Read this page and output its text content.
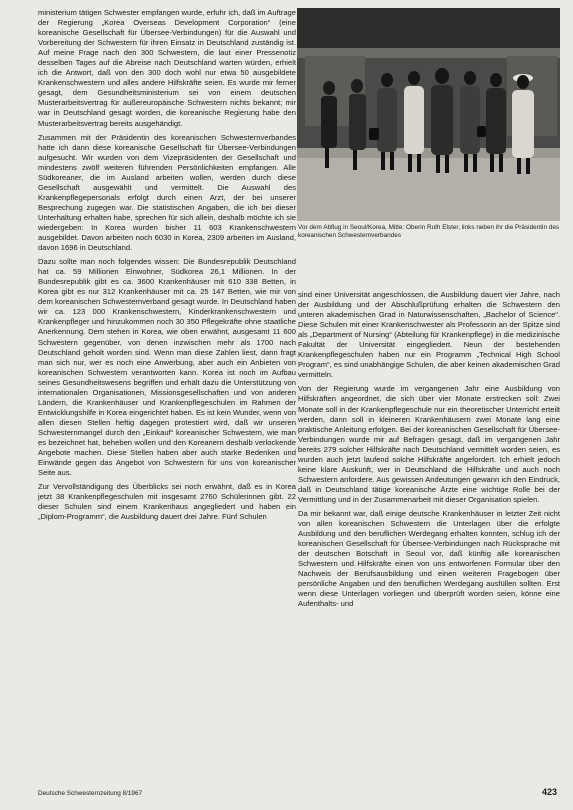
ministerium tätigen Schwester empfangen wurde, erfuhr ich, daß im Auftrage der Regierung „Korea Overseas Development Corporation“ (eine koreanische Gesellschaft für Übersee-Verbindungen) für die Auswahl und Vorbereitung der Schwestern für ihren Einsatz in Deutschland zuständig ist. Auf meine Frage nach den 300 Schwestern, die laut einer Pressenotiz desselben Tages auf die Abreise nach Deutschland warten würden, erhielt ich die Antwort, daß von den 300 doch wohl nur etwa 50 ausgebildete Krankenschwestern und alles andere Hilfskräfte seien. Es wurde mir ferner gesagt, dem Gesundheitsministerium sei von einem deutschen Musterarbeitsvertrag für außereuropäische Schwestern nichts bekannt; mir war in Deutschland gesagt worden, die koreanische Regierung habe den Musterarbeitsvertrag bereits ausgehändigt.

Zusammen mit der Präsidentin des koreanischen Schwesternverbandes hatte ich dann diese koreanische Gesellschaft für Übersee-Verbindungen aufgesucht. Wir wurden von dem Vizepräsidenten der Gesellschaft und mindestens zwölf weiteren führenden Persönlichkeiten empfangen. Alle Südkoreaner, die im Ausland arbeiten wollen, werden durch diese Gesellschaft ausgewählt und vermittelt. Die Auswahl des Krankenpflegepersonals erfolgt durch einen Arzt, der bei unserer Besprechung zugegen war. Die statistischen Angaben, die ich bei dieser Unterhaltung erhalten habe, sprechen für sich allein, deshalb möchte ich sie wiedergeben: In Korea wurden bisher 11 603 Krankenschwestern ausgebildet. Davon arbeiten noch 6030 in Korea, 2309 arbeiten im Ausland, davon 1696 in Deutschland.

Dazu sollte man noch folgendes wissen: Die Bundesrepublik Deutschland hat ca. 59 Millionen Einwohner, Südkorea 26,1 Millionen. In der Bundesrepublik gibt es ca. 3600 Krankenhäuser mit 610 338 Betten, in Korea gibt es nur 312 Krankenhäuser mit ca. 25 147 Betten, wie mir von dem koreanischen Schwesternverband gesagt wurde. In Deutschland haben wir ca. 123 000 Krankenschwestern, Kinderkrankenschwestern und Krankenpfleger und hinzukommen noch 30 350 Pflegekräfte ohne staatliche Anerkennung. Dem stehen in Korea, wie oben erwähnt, ausgesamt 11 600 Schwestern gegenüber, von denen inzwischen mehr als 1700 nach Deutschland geholt worden sind. Wenn man diese Zahlen liest, dann fragt man sich nur, wer es noch eine Anwerbung, aber auch ein Anbieten von koreanischen Schwestern verantworten kann. Korea ist noch im Aufbau seines Gesundheitswesens begriffen und erhält dazu die Unterstützung von internationalen Organisationen, Missionsgesellschaften und von anderen Ländern, die Krankenhäuser und Krankenpflegeschulen im Rahmen der Entwicklungshilfe in Korea eingerichtet haben. Es ist kein Wunder, wenn von allen diesen Stellen heftig dagegen protestiert wird, daß wir unseren Schwesternmangel durch den „Einkauf“ koreanischer Schwestern, wie man es bezeichnet hat, beheben wollen und den Koreanern deshalb verlockende Angebote machen. Diese Stellen haben aber auch starke Bedenken und Einwände gegen das Angebot von Schwestern für uns von koreanischer Seite aus.

Zur Vervollständigung des Überblicks sei noch erwähnt, daß es in Korea jetzt 38 Krankenpflegeschulen mit insgesamt 2760 Schülerinnen gibt. 22 dieser Schulen sind einem Krankenhaus angegliedert und haben ein „Diplom-Programm“, die Ausbildung dauert drei Jahre. Fünf Schulen

Vor dem Abflug in Seoul/Korea, Mitte: Oberin Ruth Elster, links neben ihr die Präsidentin des koreanischen Schwesternverbandes

sind einer Universität angeschlossen, die Ausbildung dauert vier Jahre, nach der Ausbildung und der Abschlußprüfung erhalten die Schwestern den unteren akademischen Grad in Naturwissenschaften, „Bachelor of Science“. Diese Schulen mit einer Krankenschwester als Professorin an der Spitze sind als „Department of Nursing“ (Abteilung für Krankenpflege) in die medizinische Fakultät der Universität eingegliedert. Neun der bestehenden Krankenpflegeschulen haben nur ein Programm „Technical High School Program“, es sind unabhängige Schulen, die aber keinen akademischen Grad vermitteln.

Von der Regierung wurde im vergangenen Jahr eine Ausbildung von Hilfskräften angeordnet, die sich über vier Monate erstrecken soll: Zwei Monate soll in der Krankenpflegeschule nur ein theoretischer Unterricht erteilt werden, dann soll in kleineren Krankenhäusern zwei Monate lang eine praktische Anleitung erfolgen. Bei der koreanischen Gesellschaft für Übersee-Verbindungen wurde mir auf Befragen gesagt, daß im vergangenen Jahr bereits 279 solcher Hilfskräfte nach Deutschland vermittelt worden seien, es wurden auch jetzt laufend solche Hilfskräfte angefordert. Ich erhielt jedoch keine klare Auskunft, wer in Deutschland die Hilfskräfte und auch noch Schwestern anfordere. Aus gewissen Andeutungen gewann ich den Eindruck, daß in Deutschland tätige koreanische Ärzte eine wichtige Rolle bei der Vermittlung und in der Zusammenarbeit mit dieser Organisation spielen.

Da mir bekannt war, daß einige deutsche Krankenhäuser in letzter Zeit nicht von allen koreanischen Schwestern die Unterlagen über die erfolgte Ausbildung und den beruflichen Werdegang erhalten konnten, schlug ich der koreanischen Gesellschaft für Übersee-Verbindungen nach Rücksprache mit der deutschen Botschaft in Seoul vor, daß künftig alle koreanischen Schwestern und Hilfskräfte einen von uns entworfenen Formular über den Nachweis der Berufsausbildung und einen weiteren Fragebogen über persönliche Angaben und den beruflichen Werdegang ausfüllen sollten. Erst wenn diese Unterlagen vorliegen und überprüft worden seien, könne eine Aufenthalts- und

Deutsche Schwesternzeitung 8/1967	423
